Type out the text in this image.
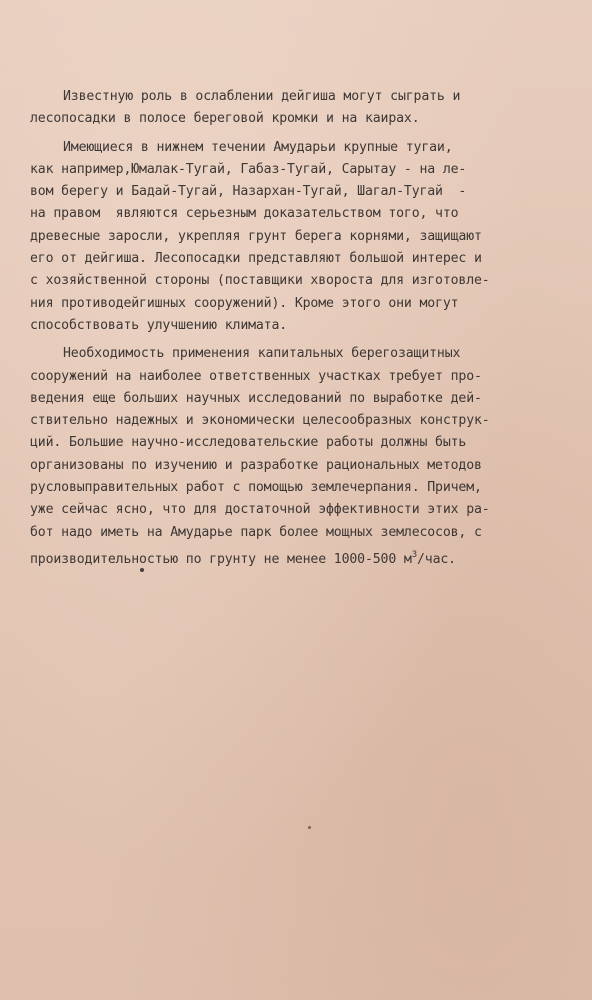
Известную роль в ослаблении дейгиша могут сыграть и
лесопосадки в полосе береговой кромки и на каирах.
Имеющиеся в нижнем течении Амударьи крупные тугаи,
как например,Юмалак-Тугай, Габаз-Тугай, Сарытау - на ле-
вом берегу и Бадай-Тугай, Назархан-Тугай, Шагал-Тугай  -
на правом  являются серьезным доказательством того, что
древесные заросли, укрепляя грунт берега корнями, защищают
его от дейгиша. Лесопосадки представляют большой интерес и
с хозяйственной стороны (поставщики хвороста для изготовле-
ния противодейгишных сооружений). Кроме этого они могут
способствовать улучшению климата.
Необходимость применения капитальных берегозащитных
сооружений на наиболее ответственных участках требует про-
ведения еще больших научных исследований по выработке дей-
ствительно надежных и экономически целесообразных конструк-
ций. Большие научно-исследовательские работы должны быть
организованы по изучению и разработке рациональных методов
русловыправительных работ с помощью землечерпания. Причем,
уже сейчас ясно, что для достаточной эффективности этих ра-
бот надо иметь на Амударье парк более мощных землесосов, с
производительностью по грунту не менее 1000-500 $м^3$/час.
